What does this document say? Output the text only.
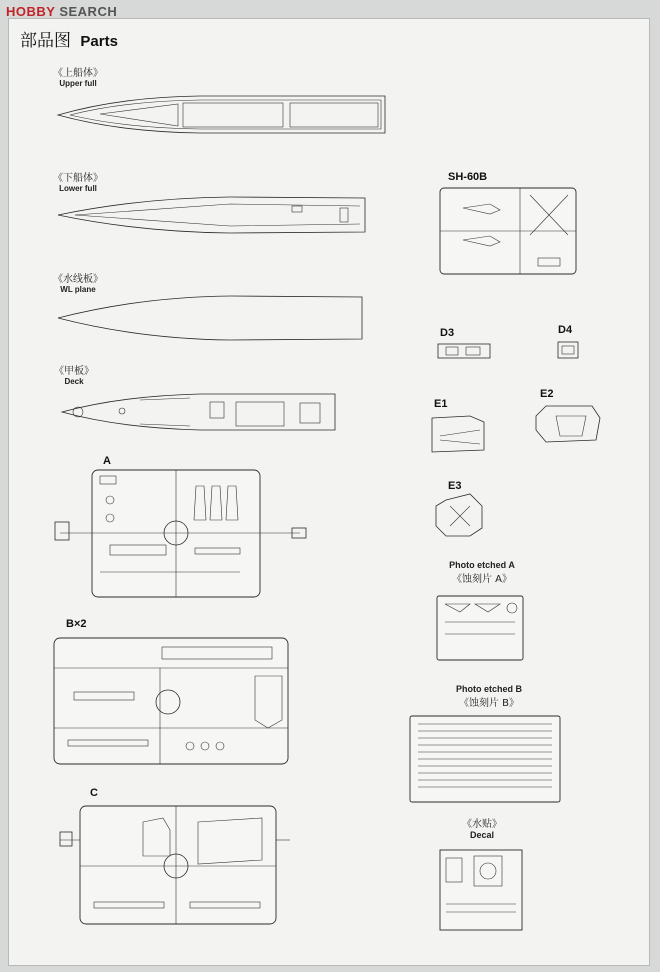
HOBBY SEARCH
部品图 Parts
《上船体》
Upper full
《下船体》
Lower full
《水线板》
WL plane
《甲板》
Deck
A
B×2
C
SH-60B
D3	D4
E1
E2
E3
Photo etched A
《蚀刻片 A》
Photo etched B
《蚀刻片 B》
《水贴》
Decal
